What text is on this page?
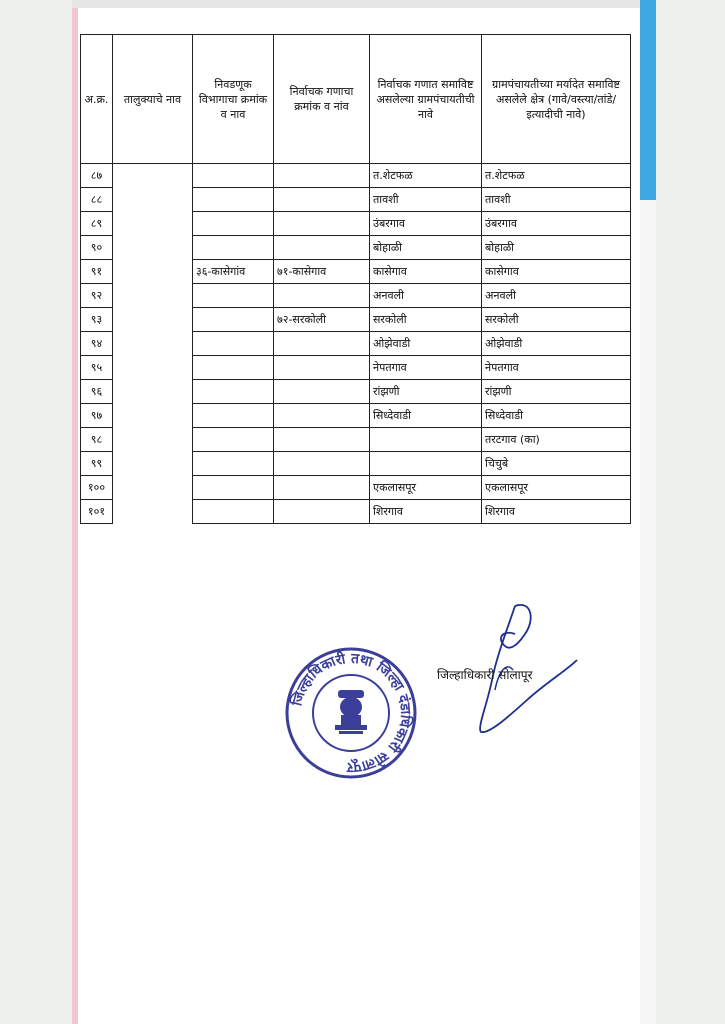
अ.क्र.	तालुक्याचे नाव	निवडणूक विभागाचा क्रमांक व नाव	निर्वाचक गणाचा क्रमांक व नांव	निर्वाचक गणात समाविष्ट असलेल्या ग्रामपंचायतीची नावे	ग्रामपंचायतीच्या मर्यादेत समाविष्ट असलेले क्षेत्र (गावे/वस्त्या/तांडे/इत्यादीची नावे)
८७				त.शेटफळ	त.शेटफळ
८८				तावशी	तावशी
८९				उंबरगाव	उंबरगाव
९०				बोहाळी	बोहाळी
९१		३६-कासेगांव	७१-कासेगाव	कासेगाव	कासेगाव
९२				अनवली	अनवली
९३			७२-सरकोली	सरकोली	सरकोली
९४				ओझेवाडी	ओझेवाडी
९५				नेपतगाव	नेपतगाव
९६				रांझणी	रांझणी
९७				सिध्देवाडी	सिध्देवाडी
९८					तरटगाव (का)
९९					चिचुबे
१००				एकलासपूर	एकलासपूर
१०१				शिरगाव	शिरगाव
जिल्हाधिकारी तथा जिल्हा दंडाधिकारी सोलापूर
जिल्हाधिकारी सोलापूर
